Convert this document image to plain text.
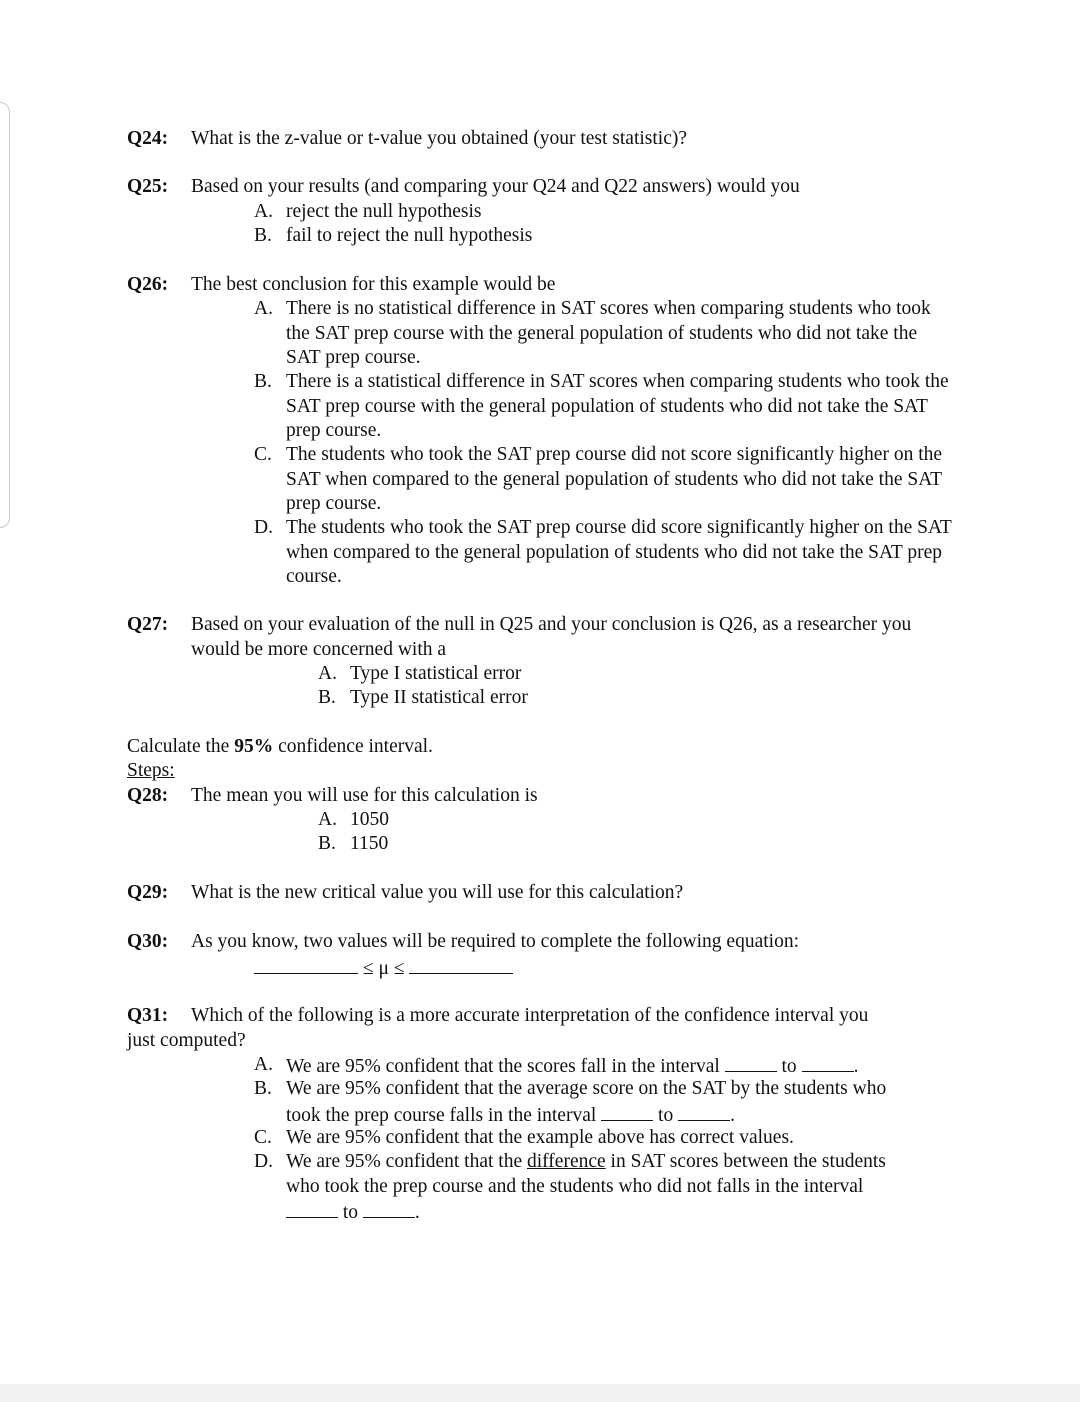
Q24: What is the z-value or t-value you obtained (your test statistic)?
Q25: Based on your results (and comparing your Q24 and Q22 answers) would you
A. reject the null hypothesis
B. fail to reject the null hypothesis
Q26: The best conclusion for this example would be
A. There is no statistical difference in SAT scores when comparing students who took the SAT prep course with the general population of students who did not take the SAT prep course.
B. There is a statistical difference in SAT scores when comparing students who took the SAT prep course with the general population of students who did not take the SAT prep course.
C. The students who took the SAT prep course did not score significantly higher on the SAT when compared to the general population of students who did not take the SAT prep course.
D. The students who took the SAT prep course did score significantly higher on the SAT when compared to the general population of students who did not take the SAT prep course.
Q27: Based on your evaluation of the null in Q25 and your conclusion is Q26, as a researcher you would be more concerned with a
A. Type I statistical error
B. Type II statistical error
Calculate the 95% confidence interval.
Steps:
Q28: The mean you will use for this calculation is
A. 1050
B. 1150
Q29: What is the new critical value you will use for this calculation?
Q30: As you know, two values will be required to complete the following equation:
≤ μ ≤
Q31: Which of the following is a more accurate interpretation of the confidence interval you
just computed?
A. We are 95% confident that the scores fall in the interval	to	.
B. We are 95% confident that the average score on the SAT by the students who
took the prep course falls in the interval	to	.
C. We are 95% confident that the example above has correct values.
D. We are 95% confident that the difference in SAT scores between the students who took the prep course and the students who did not falls in the interval
to	.
